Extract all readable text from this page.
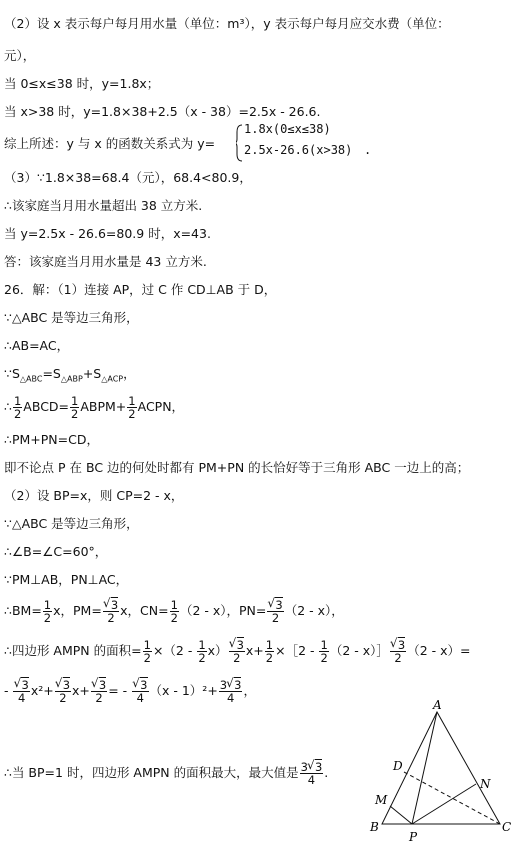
（2）设 x 表示每户每月用水量（单位：m³），y 表示每户每月应交水费（单位：
元），
当 0≤x≤38 时，y=1.8x；
当 x>38 时，y=1.8×38+2.5（x - 38）=2.5x - 26.6.
综上所述：y 与 x 的函数关系式为 y=
1.8x(0≤x≤38)
2.5x-26.6(x>38) .
（3）∵1.8×38=68.4（元），68.4<80.9，
∴该家庭当月用水量超出 38 立方米.
当 y=2.5x - 26.6=80.9 时，x=43.
答：该家庭当月用水量是 43 立方米.
26．解：（1）连接 AP，过 C 作 CD⊥AB 于 D，
∵△ABC 是等边三角形，
∴AB=AC，
$\because S_{\triangle ABC}=S_{\triangle ABP}+S_{\triangle ACP}$，
∴ $\frac{1}{2}$ ABCD= $\frac{1}{2}$ ABPM+ $\frac{1}{2}$ ACPN，
∴PM+PN=CD，
即不论点 P 在 BC 边的何处时都有 PM+PN 的长恰好等于三角形 ABC 一边上的高；
（2）设 BP=x，则 CP=2 - x，
∵△ABC 是等边三角形，
∴∠B=∠C=60°，
∵PM⊥AB，PN⊥AC，
∴BM= $\frac{1}{2}$ x，PM= √ $\frac{3}{2}$ x，$CN= \frac{1}{2} (2 - x)$，PN= √ $\frac{3}{2} (2 - x)$，
∴四边形 AMPN 的面积= $\frac{1}{2} \times(2 - \frac{1}{2} x)$ √ $\frac{3}{2} x+ \frac{1}{2}$ ×［2 - $\frac{1}{2} (2$ - x）］ √ $\frac{3}{2} (2 - x)=$
- √ $\frac{3}{4} x^2+$ √ $\frac{3}{2} x+$ √ $\frac{3}{2}$ = - √ $\frac{3}{4} (x - 1)^2+ \frac{3 √ 3}{4}$ ，
∴当 BP=1 时，四边形 AMPN 的面积最大，最大值是 $\frac{3 √ 3}{4}$ .
A
B	C
D
M
N
P
